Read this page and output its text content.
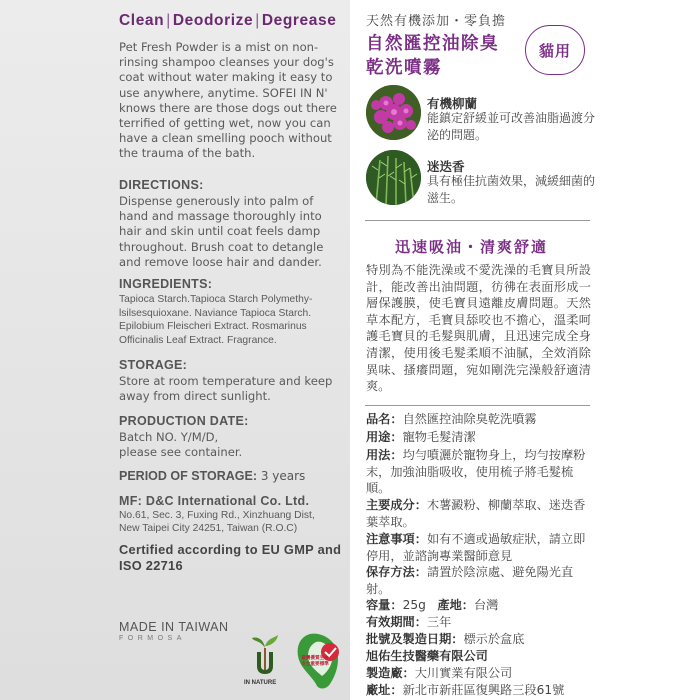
Clean | Deodorize | Degrease
Pet Fresh Powder is a mist on non-rinsing shampoo cleanses your dog's coat without water making it easy to use anywhere, anytime. SOFEI IN N' knows there are those dogs out there terrified of getting wet, now you can have a clean smelling pooch without the trauma of the bath.
DIRECTIONS:
Dispense generously into palm of hand and massage thoroughly into hair and skin until coat feels damp throughout. Brush coat to detangle and remove loose hair and dander.
INGREDIENTS:
Tapioca Starch.Tapioca Starch Polymethy-lsilsesquioxane. Naviance Tapioca Starch. Epilobium Fleischeri Extract. Rosmarinus Officinalis Leaf Extract. Fragrance.
STORAGE:
Store at room temperature and keep away from direct sunlight.
PRODUCTION DATE:
Batch NO. Y/M/D,
please see container.
PERIOD OF STORAGE: 3 years
MF: D&C International Co. Ltd.
No.61, Sec. 3, Fuxing Rd., Xinzhuang Dist,
New Taipei City 24251, Taiwan (R.O.C)
Certified according to EU GMP and
ISO 22716
MADE IN TAIWAN
FORMOSA
IN NATURE
臺灣優質生命 安全重要標準
天然有機添加・零負擔
自然匯控油除臭
乾洗噴霧
貓用
有機柳蘭
能鎮定舒緩並可改善油脂過渡分泌的問題。
迷迭香
具有極佳抗菌效果，減緩細菌的滋生。
迅速吸油・清爽舒適
特別為不能洗澡或不愛洗澡的毛寶貝所設計，能改善出油問題，彷彿在表面形成一層保護膜，使毛寶貝遠離皮膚問題。天然草本配方，毛寶貝舔咬也不擔心，溫柔呵護毛寶貝的毛髮與肌膚，且迅速完成全身清潔，使用後毛髮柔順不油膩，全效消除異味、搔癢問題，宛如剛洗完澡般舒適清爽。
品名：自然匯控油除臭乾洗噴霧
用途：寵物毛髮清潔
用法：均勻噴灑於寵物身上，均勻按摩粉末，加強油脂吸收，使用梳子將毛髮梳順。
主要成分：木薯澱粉、柳蘭萃取、迷迭香葉萃取。
注意事項：如有不適或過敏症狀，請立即停用，並諮詢專業醫師意見
保存方法：請置於陰涼處、避免陽光直射。
容量：25g 產地：台灣
有效期間：三年
批號及製造日期：標示於盒底
旭佑生技醫藥有限公司
製造廠：大川實業有限公司
廠址：新北市新莊區復興路三段61號
